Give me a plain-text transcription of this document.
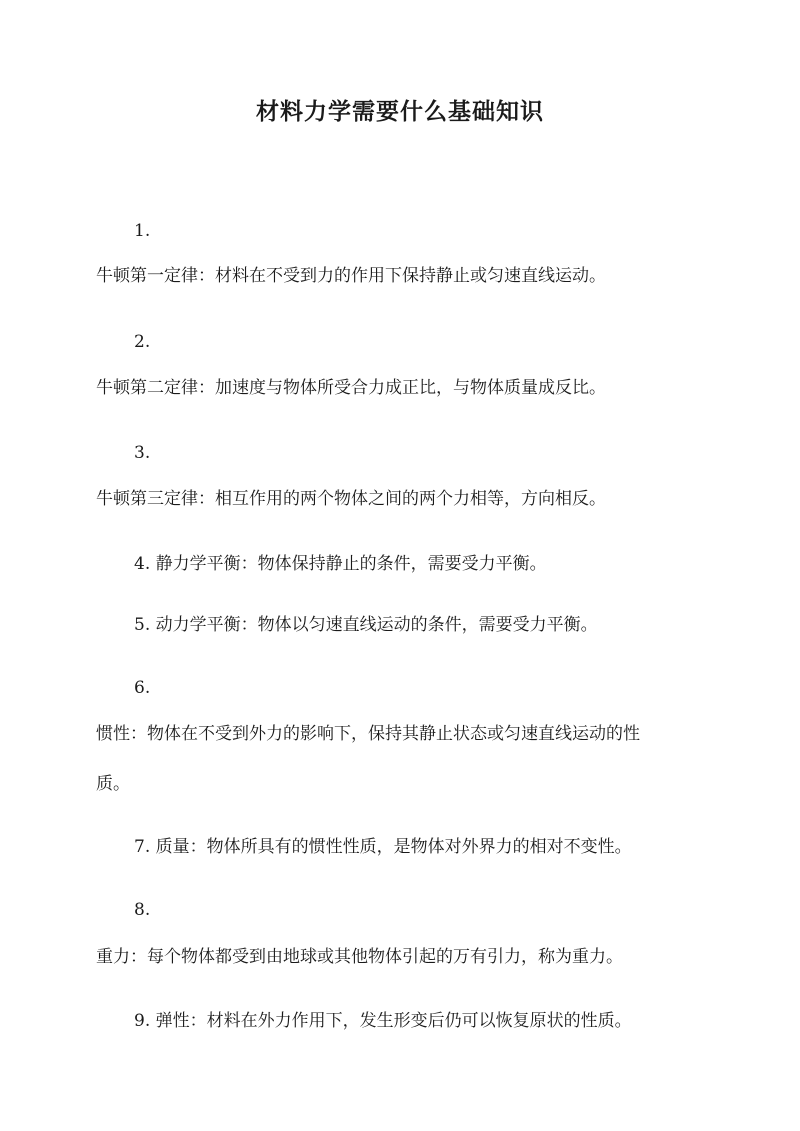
材料力学需要什么基础知识
1.
牛顿第一定律：材料在不受到力的作用下保持静止或匀速直线运动。
2.
牛顿第二定律：加速度与物体所受合力成正比，与物体质量成反比。
3.
牛顿第三定律：相互作用的两个物体之间的两个力相等，方向相反。
4. 静力学平衡：物体保持静止的条件，需要受力平衡。
5. 动力学平衡：物体以匀速直线运动的条件，需要受力平衡。
6.
惯性：物体在不受到外力的影响下，保持其静止状态或匀速直线运动的性
质。
7. 质量：物体所具有的惯性性质，是物体对外界力的相对不变性。
8.
重力：每个物体都受到由地球或其他物体引起的万有引力，称为重力。
9. 弹性：材料在外力作用下，发生形变后仍可以恢复原状的性质。
